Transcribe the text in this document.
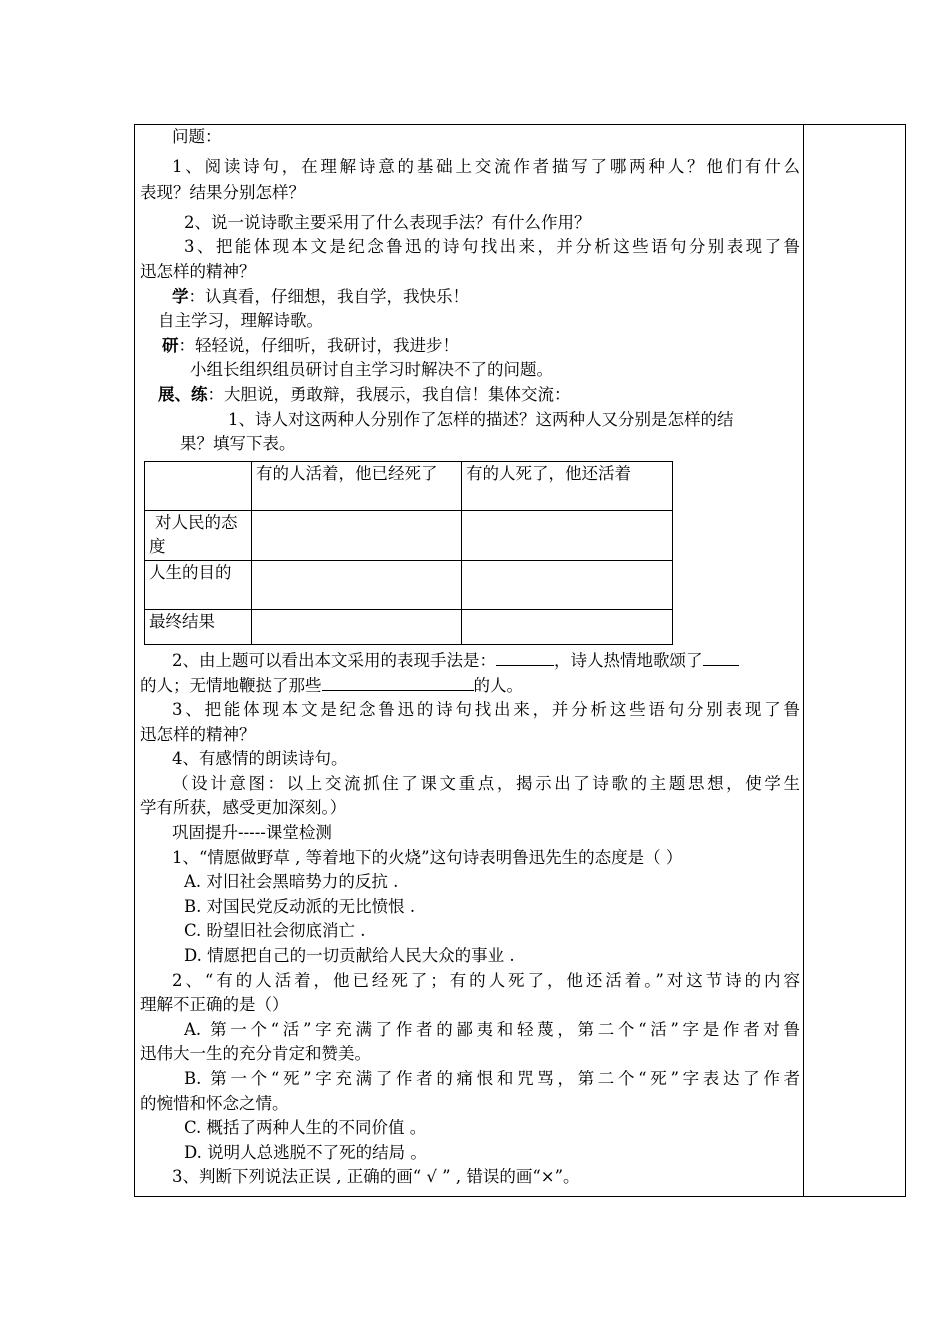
问题：
1、阅读诗句，在理解诗意的基础上交流作者描写了哪两种人？他们有什么
表现？结果分别怎样？
2、说一说诗歌主要采用了什么表现手法？有什么作用？
3、把能体现本文是纪念鲁迅的诗句找出来，并分析这些语句分别表现了鲁
迅怎样的精神？
学：认真看，仔细想，我自学，我快乐！
自主学习，理解诗歌。
研：轻轻说，仔细听，我研讨，我进步！
小组长组织组员研讨自主学习时解决不了的问题。
展、练：大胆说，勇敢辩，我展示，我自信！集体交流：
1、诗人对这两种人分别作了怎样的描述？这两种人又分别是怎样的结
果？填写下表。
	有的人活着，他已经死了	有的人死了，他还活着
对人民的态度		
人生的目的		
最终结果		
2、由上题可以看出本文采用的表现手法是：	，诗人热情地歌颂了
的人；无情地鞭挞了那些	的人。
3、把能体现本文是纪念鲁迅的诗句找出来，并分析这些语句分别表现了鲁
迅怎样的精神？
4、有感情的朗读诗句。
（设计意图：以上交流抓住了课文重点，揭示出了诗歌的主题思想，使学生
学有所获，感受更加深刻。）
巩固提升-----课堂检测
1、“情愿做野草 , 等着地下的火烧”这句诗表明鲁迅先生的态度是（ ）
A. 对旧社会黑暗势力的反抗 .
B. 对国民党反动派的无比愤恨 .
C. 盼望旧社会彻底消亡 .
D. 情愿把自己的一切贡献给人民大众的事业 .
2、“有的人活着，他已经死了；有的人死了，他还活着。”对这节诗的内容
理解不正确的是（）
A. 第一个“活”字充满了作者的鄙夷和轻蔑，第二个“活”字是作者对鲁
迅伟大一生的充分肯定和赞美。
B. 第一个“死”字充满了作者的痛恨和咒骂，第二个“死”字表达了作者
的惋惜和怀念之情。
C. 概括了两种人生的不同价值 。
D. 说明人总逃脱不了死的结局 。
3、判断下列说法正误 , 正确的画“ √ ” , 错误的画“×”。
